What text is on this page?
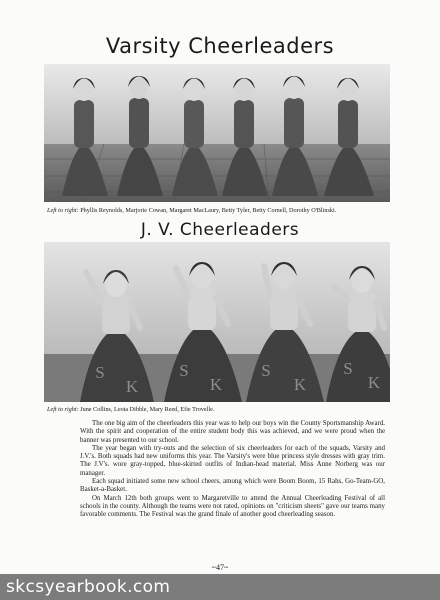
Varsity Cheerleaders
Left to right: Phyllis Reynolds, Marjorie Cowan, Margaret MacLaury, Betty Tyler, Betty Cornell, Dorothy O'Blinski.
J. V. Cheerleaders
S
K
S
K
S
K
S
K
Left to right: June Collins, Leota Dibble, Mary Reed, Efie Trovelle.

The one big aim of the cheerleaders this year was to help our boys win the County Sportsmanship Award. With the spirit and cooperation of the entire student body this was achieved, and we were proud when the banner was presented to our school.

The year began with try-outs and the selection of six cheerleaders for each of the squads, Varsity and J.V.'s. Both squads had new uniforms this year. The Varsity's were blue princess style dresses with gray trim. The J.V's. wore gray-topped, blue-skirted outfits of Indian-head material. Miss Anne Norberg was our manager.

Each squad initiated some new school cheers, among which were Boom Boom, 15 Rahs, Go-Team-GO, Basket-a-Basket.

On March 12th both groups went to Margaretville to attend the Annual Cheerleading Festival of all schools in the county. Although the teams were not rated, opinions on "criticism sheets" gave our teams many favorable comments. The Festival was the grand finale of another good cheerleading season.

~47~
skcsyearbook.com
